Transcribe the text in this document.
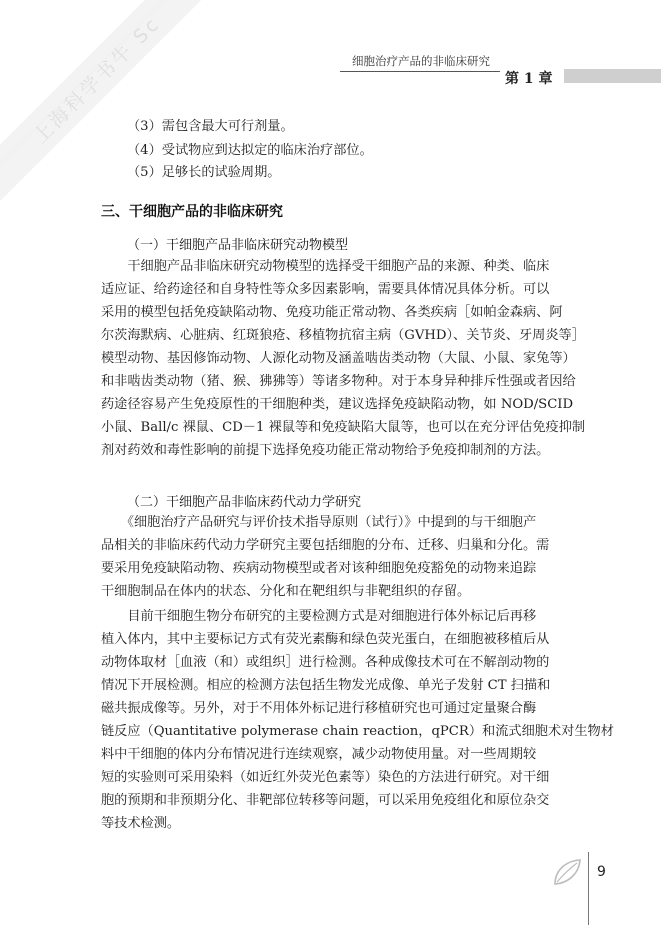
上海科学书牛 Sc	细胞治疗产品的非临床研究
第 1 章
（3）需包含最大可行剂量。
（4）受试物应到达拟定的临床治疗部位。
（5）足够长的试验周期。
三、干细胞产品的非临床研究
（一）干细胞产品非临床研究动物模型
　　干细胞产品非临床研究动物模型的选择受干细胞产品的来源、种类、临床
适应证、给药途径和自身特性等众多因素影响，需要具体情况具体分析。可以
采用的模型包括免疫缺陷动物、免疫功能正常动物、各类疾病［如帕金森病、阿
尔茨海默病、心脏病、红斑狼疮、移植物抗宿主病（GVHD）、关节炎、牙周炎等］
模型动物、基因修饰动物、人源化动物及涵盖啮齿类动物（大鼠、小鼠、家兔等）
和非啮齿类动物（猪、猴、狒狒等）等诸多物种。对于本身异种排斥性强或者因给
药途径容易产生免疫原性的干细胞种类，建议选择免疫缺陷动物，如 NOD/SCID
小鼠、Ball/c 裸鼠、CD－1 裸鼠等和免疫缺陷大鼠等，也可以在充分评估免疫抑制
剂对药效和毒性影响的前提下选择免疫功能正常动物给予免疫抑制剂的方法。
（二）干细胞产品非临床药代动力学研究
　　《细胞治疗产品研究与评价技术指导原则（试行）》中提到的与干细胞产
品相关的非临床药代动力学研究主要包括细胞的分布、迁移、归巢和分化。需
要采用免疫缺陷动物、疾病动物模型或者对该种细胞免疫豁免的动物来追踪
干细胞制品在体内的状态、分化和在靶组织与非靶组织的存留。
　　目前干细胞生物分布研究的主要检测方式是对细胞进行体外标记后再移
植入体内，其中主要标记方式有荧光素酶和绿色荧光蛋白，在细胞被移植后从
动物体取材［血液（和）或组织］进行检测。各种成像技术可在不解剖动物的
情况下开展检测。相应的检测方法包括生物发光成像、单光子发射 CT 扫描和
磁共振成像等。另外，对于不用体外标记进行移植研究也可通过定量聚合酶
链反应（Quantitative polymerase chain reaction，qPCR）和流式细胞术对生物材
料中干细胞的体内分布情况进行连续观察，减少动物使用量。对一些周期较
短的实验则可采用染料（如近红外荧光色素等）染色的方法进行研究。对干细
胞的预期和非预期分化、非靶部位转移等问题，可以采用免疫组化和原位杂交
等技术检测。
9
